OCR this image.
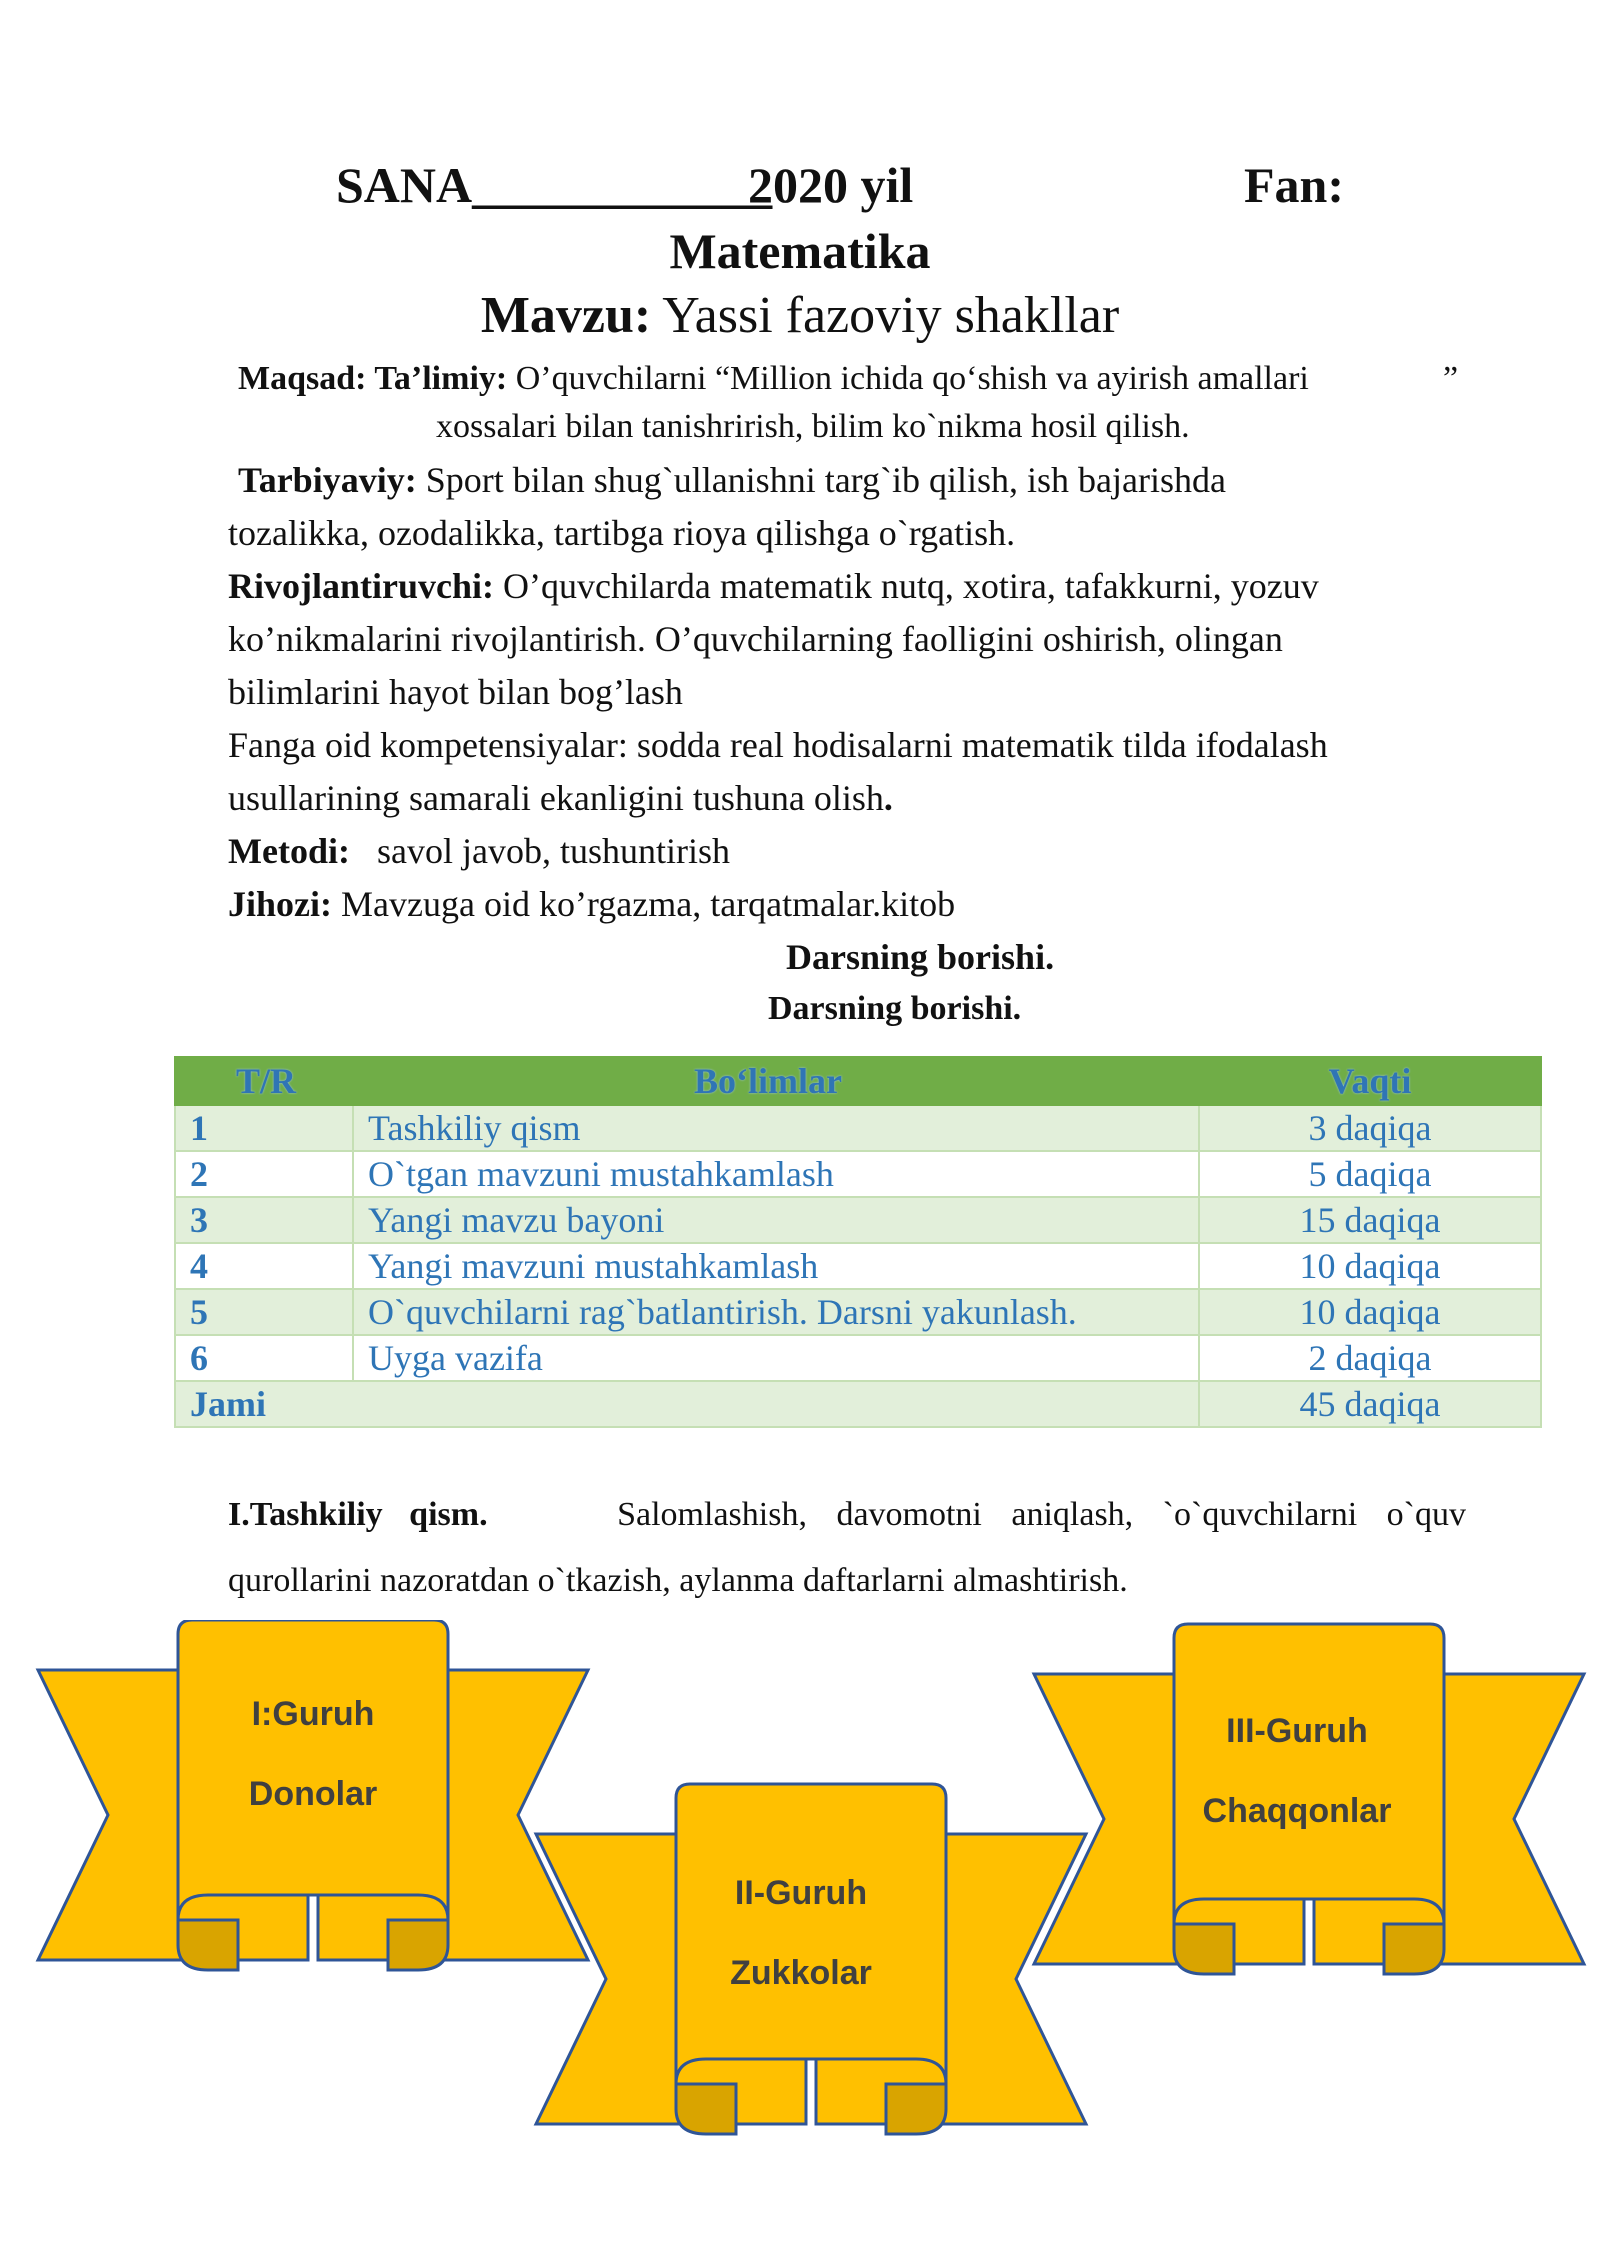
SANA____________
2020 yil	Fan:
Matematika
Mavzu: Yassi fazoviy shakllar
Maqsad: Ta’limiy: O’quvchilarni “Million ichida qo‘shish va ayirish amallari	”
xossalari bilan tanishrirish, bilim ko`nikma hosil qilish.
Tarbiyaviy: Sport bilan shug`ullanishni targ`ib qilish, ish bajarishda
tozalikka, ozodalikka, tartibga rioya qilishga o`rgatish.
Rivojlantiruvchi: O’quvchilarda matematik nutq, xotira, tafakkurni, yozuv
ko’nikmalarini rivojlantirish. O’quvchilarning faolligini oshirish, olingan
bilimlarini hayot bilan bog’lash
Fanga oid kompetensiyalar: sodda real hodisalarni matematik tilda ifodalash
usullarining samarali ekanligini tushuna olish.
Metodi: savol javob, tushuntirish
Jihozi: Mavzuga oid ko’rgazma, tarqatmalar.kitob
Darsning borishi.
Darsning borishi.
T/R	Bo‘limlar	Vaqti
1	Tashkiliy qism	3 daqiqa
2	O`tgan mavzuni mustahkamlash	5 daqiqa
3	Yangi mavzu bayoni	15 daqiqa
4	Yangi mavzuni mustahkamlash	10 daqiqa
5	O`quvchilarni rag`batlantirish. Darsni yakunlash.	10 daqiqa
6	Uyga vazifa	2 daqiqa
Jami		45 daqiqa
I.Tashkiliy qism.	Salomlashish, davomotni aniqlash, `o`quvchilarni o`quv
qurollarini nazoratdan o`tkazish, aylanma daftarlarni almashtirish.
I:Guruh
Donolar
III-Guruh
Chaqqonlar
II-Guruh
Zukkolar
